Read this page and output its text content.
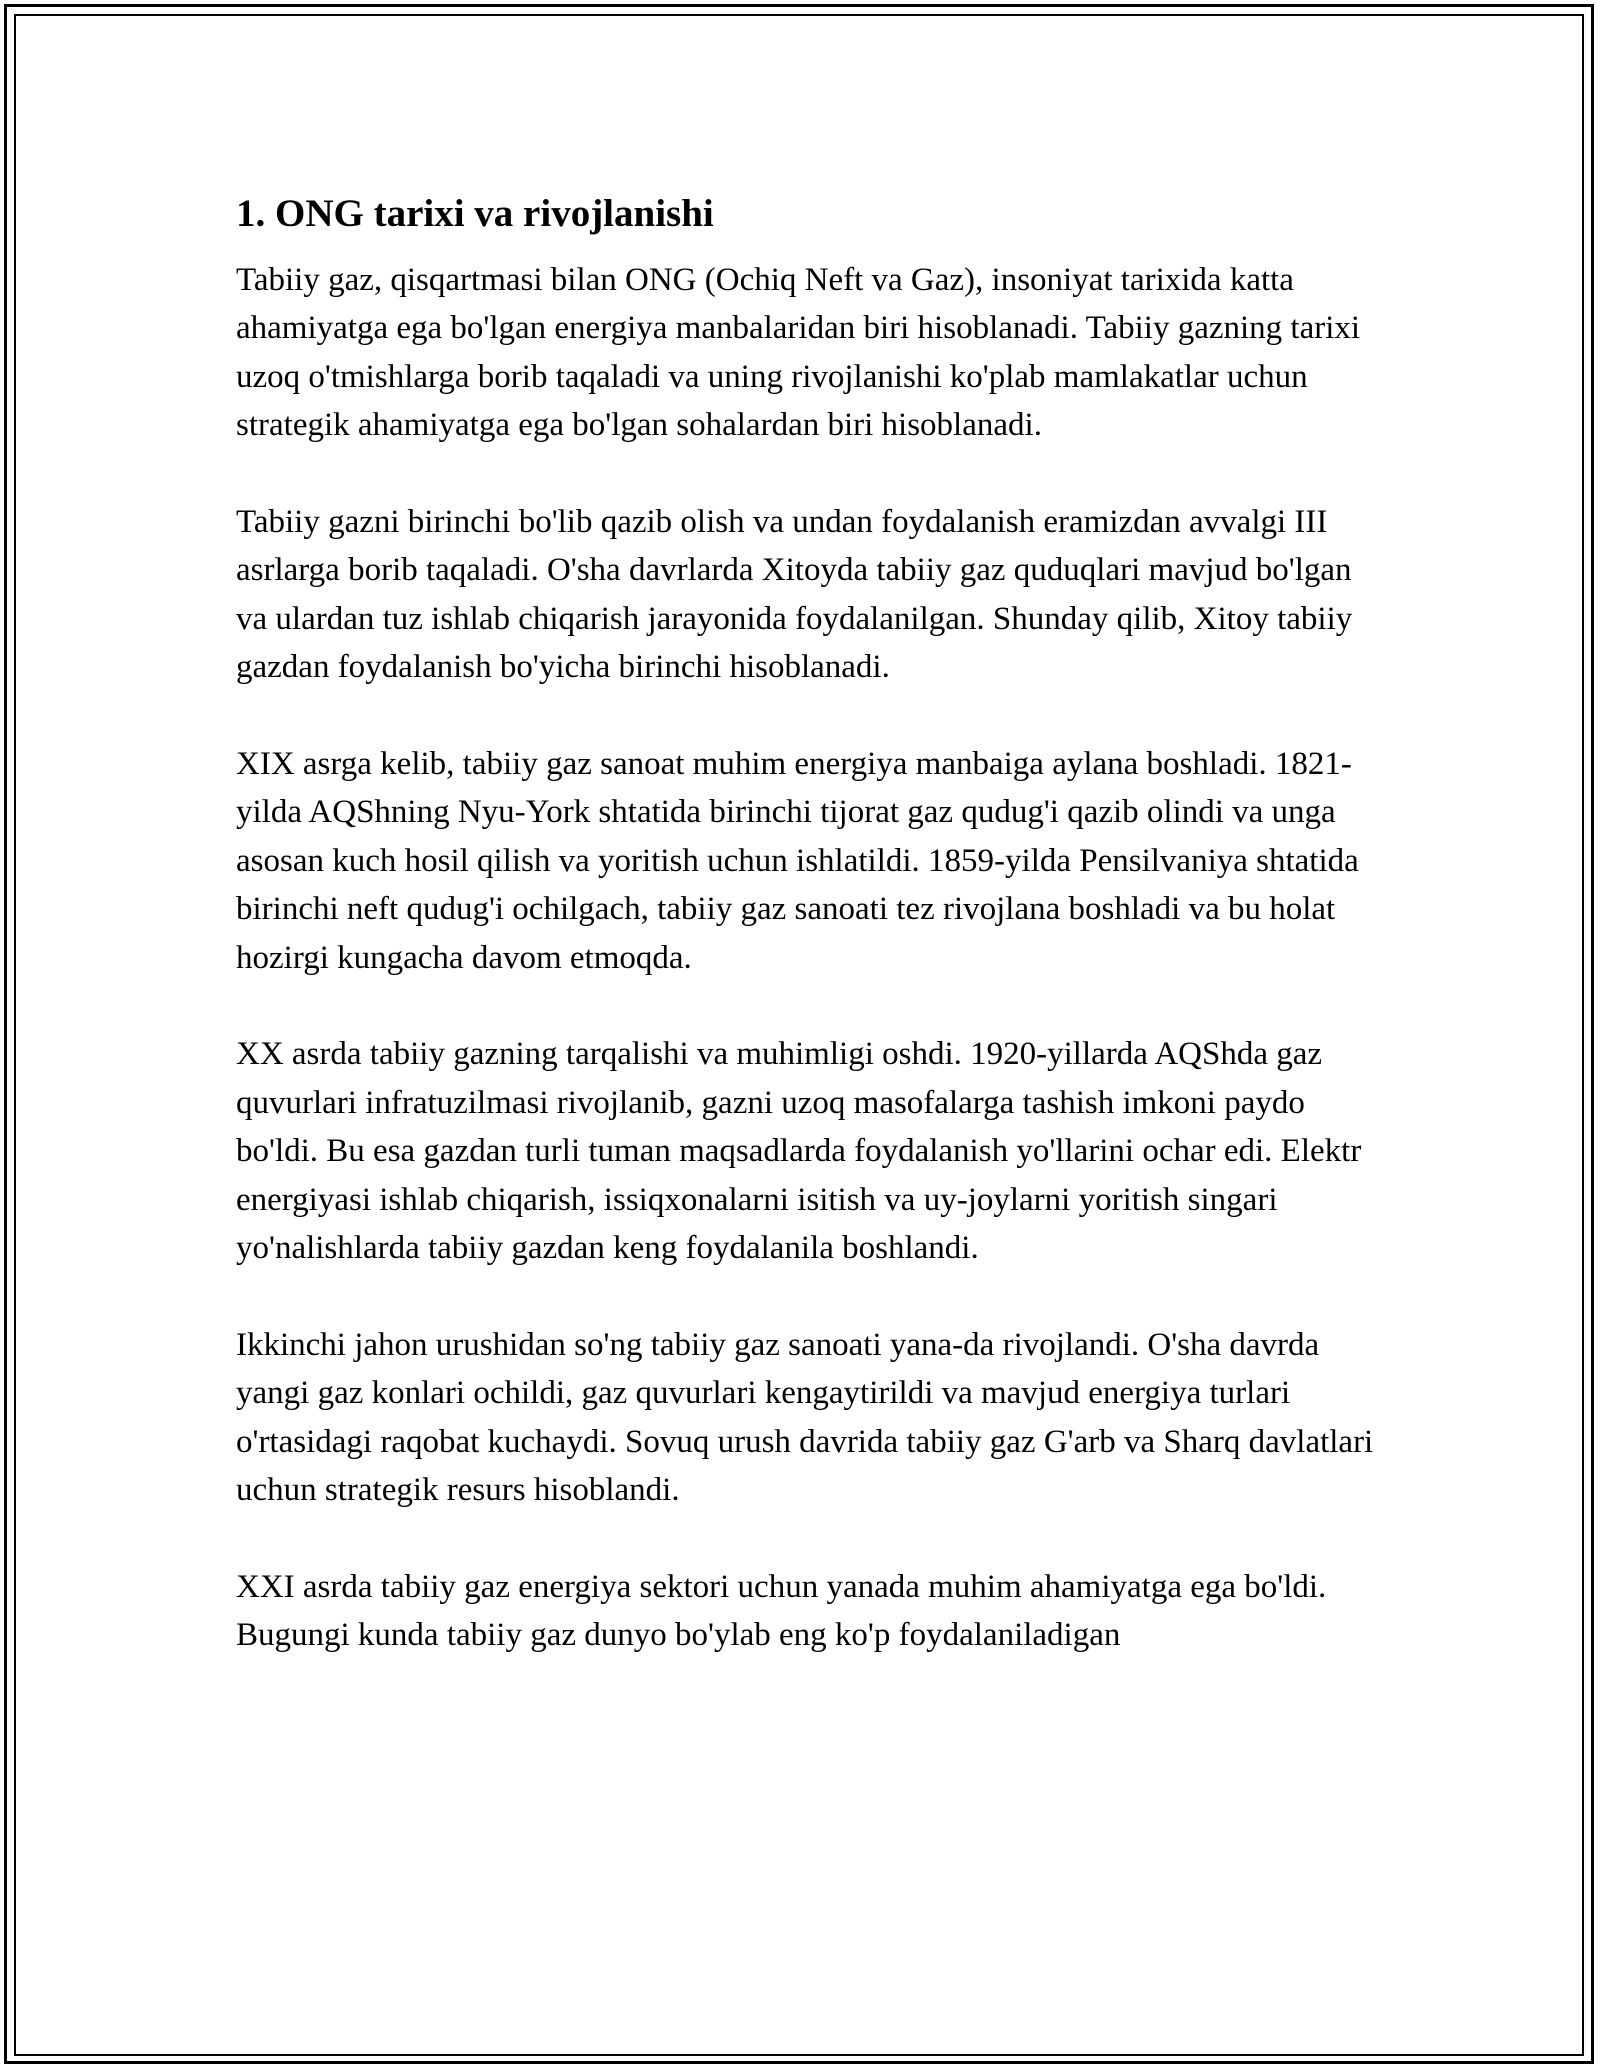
1. ONG tarixi va rivojlanishi

Tabiiy gaz, qisqartmasi bilan ONG (Ochiq Neft va Gaz), insoniyat tarixida katta ahamiyatga ega bo'lgan energiya manbalaridan biri hisoblanadi. Tabiiy gazning tarixi uzoq o'tmishlarga borib taqaladi va uning rivojlanishi ko'plab mamlakatlar uchun strategik ahamiyatga ega bo'lgan sohalardan biri hisoblanadi.

Tabiiy gazni birinchi bo'lib qazib olish va undan foydalanish eramizdan avvalgi III asrlarga borib taqaladi. O'sha davrlarda Xitoyda tabiiy gaz quduqlari mavjud bo'lgan va ulardan tuz ishlab chiqarish jarayonida foydalanilgan. Shunday qilib, Xitoy tabiiy gazdan foydalanish bo'yicha birinchi hisoblanadi.

XIX asrga kelib, tabiiy gaz sanoat muhim energiya manbaiga aylana boshladi. 1821-yilda AQShning Nyu-York shtatida birinchi tijorat gaz qudug'i qazib olindi va unga asosan kuch hosil qilish va yoritish uchun ishlatildi. 1859-yilda Pensilvaniya shtatida birinchi neft qudug'i ochilgach, tabiiy gaz sanoati tez rivojlana boshladi va bu holat hozirgi kungacha davom etmoqda.

XX asrda tabiiy gazning tarqalishi va muhimligi oshdi. 1920-yillarda AQShda gaz quvurlari infratuzilmasi rivojlanib, gazni uzoq masofalarga tashish imkoni paydo bo'ldi. Bu esa gazdan turli tuman maqsadlarda foydalanish yo'llarini ochar edi. Elektr energiyasi ishlab chiqarish, issiqxonalarni isitish va uy-joylarni yoritish singari yo'nalishlarda tabiiy gazdan keng foydalanila boshlandi.

Ikkinchi jahon urushidan so'ng tabiiy gaz sanoati yana-da rivojlandi. O'sha davrda yangi gaz konlari ochildi, gaz quvurlari kengaytirildi va mavjud energiya turlari o'rtasidagi raqobat kuchaydi. Sovuq urush davrida tabiiy gaz G'arb va Sharq davlatlari uchun strategik resurs hisoblandi.

XXI asrda tabiiy gaz energiya sektori uchun yanada muhim ahamiyatga ega bo'ldi. Bugungi kunda tabiiy gaz dunyo bo'ylab eng ko'p foydalaniladigan
